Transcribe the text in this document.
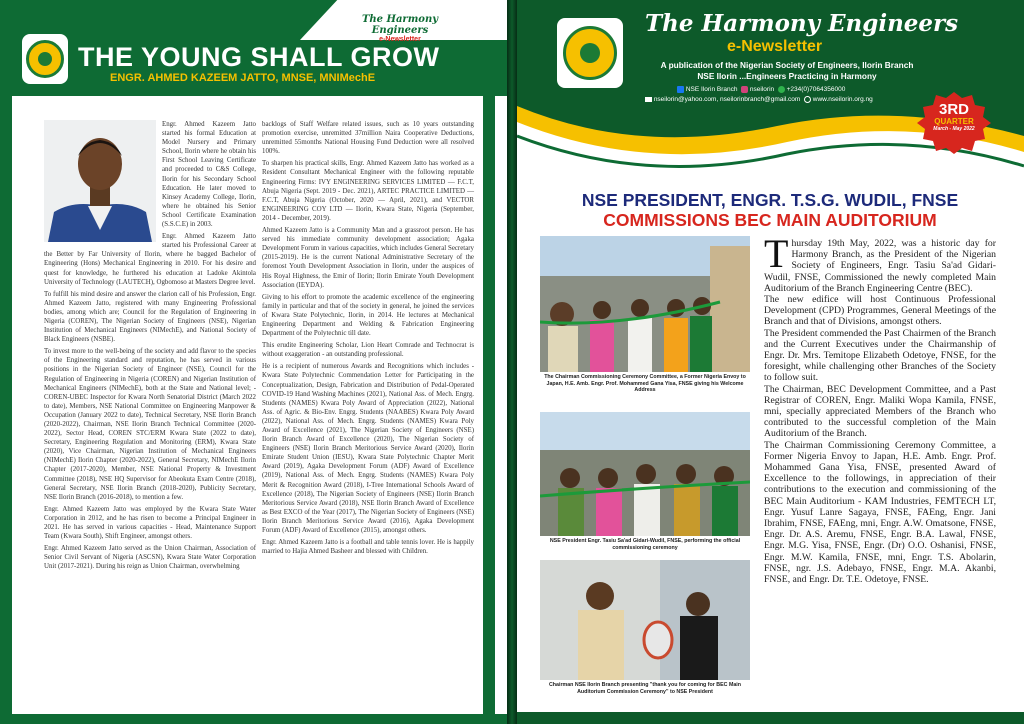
The Harmony Engineers
e-Newsletter
THE YOUNG SHALL GROW
ENGR. AHMED KAZEEM JATTO, MNSE, MNIMechE

Engr. Ahmed Kazeem Jatto started his formal Education at Model Nursery and Primary School, Ilorin where he obtain his First School Leaving Certificate and proceeded to C&S College, Ilorin for his Secondary School Education. He later moved to Kinsey Academy College, Ilorin, where he obtained his Senior School Certificate Examination (S.S.C.E) in 2003.

Engr. Ahmed Kazeem Jatto started his Professional Career at the Better by Far University of Ilorin, where he bagged Bachelor of Engineering (Hons) Mechanical Engineering in 2010. For his desire and quest for knowledge, he furthered his education at Ladoke Akintola University of Technology (LAUTECH), Ogbomoso at Masters Degree level.

To fulfill his mind desire and answer the clarion call of his Profession, Engr. Ahmed Kazeem Jatto, registered with many Engineering Professional bodies, among which are; Council for the Regulation of Engineering in Nigeria (COREN), The Nigerian Society of Engineers (NSE), Nigerian Institution of Mechanical Engineers (NIMechE), and National Society of Black Engineers (NSBE).

To invest more to the well-being of the society and add flavor to the species of the Engineering standard and reputation, he has served in various positions in the Nigerian Society of Engineer (NSE), Council for the Regulation of Engineering in Nigeria (COREN) and Nigerian Institution of Mechanical Engineers (NIMechE), both at the State and National level; - COREN-UBEC Inspector for Kwara North Senatorial District (March 2022 to date), Members, NSE National Committee on Engineering Manpower & Occupation (January 2022 to date), Technical Secretary, NSE Ilorin Branch (2020-2022), Chairman, NSE Ilorin Branch Technical Committee (2020-2022), Sector Head, COREN STC/ERM Kwara State (2022 to date), Secretary, Engineering Regulation and Monitoring (ERM), Kwara State (2020), Vice Chairman, Nigerian Institution of Mechanical Engineers (NIMechE) Ilorin Chapter (2020-2022), General Secretary, NIMechE Ilorin Chapter (2017-2020), Member, NSE National Property & Investment Committee (2018), NSE HQ Supervisor for Abeokuta Exam Centre (2018), General Secretary, NSE Ilorin Branch (2018-2020), Publicity Secretary, NSE Ilorin Branch (2016-2018), to mention a few.

Engr. Ahmed Kazeem Jatto was employed by the Kwara State Water Corporation in 2012, and he has risen to become a Principal Engineer in 2021. He has served in various capacities - Head, Maintenance Support Team (Kwara South), Shift Engineer, amongst others.

Engr. Ahmed Kazeem Jatto served as the Union Chairman, Association of Senior Civil Servant of Nigeria (ASCSN), Kwara State Water Corporation Unit (2017-2021). During his reign as Union Chairman, overwhelming

backlogs of Staff Welfare related issues, such as 10 years outstanding promotion exercise, unremitted 37million Naira Cooperative Deductions, unremitted 55months National Housing Fund Deduction were all resolved 100%.

To sharpen his practical skills, Engr. Ahmed Kazeem Jatto has worked as a Resident Consultant Mechanical Engineer with the following reputable Engineering Firms: IVY ENGINEERING SERVICES LIMITED — F.C.T, Abuja Nigeria (Sept. 2019 - Dec. 2021), ARTEC PRACTICE LIMITED — F.C.T, Abuja Nigeria (October, 2020 — April, 2021), and VECTOR ENGINEERING COY LTD — Ilorin, Kwara State, Nigeria (September, 2014 - December, 2019).

Ahmed Kazeem Jatto is a Community Man and a grassroot person. He has served his immediate community development association; Agaka Development Forum in various capacities, which includes General Secretary (2015-2019). He is the current National Administrative Secretary of the foremost Youth Development Association in Ilorin, under the auspices of His Royal Highness, the Emir of Ilorin; Ilorin Emirate Youth Development Association (IEYDA).

Giving to his effort to promote the academic excellence of the engineering family in particular and that of the society in general, he joined the services of Kwara State Polytechnic, Ilorin, in 2014. He lectures at Mechanical Engineering Department and Welding & Fabrication Engineering Department of the Polytechnic till date.

This erudite Engineering Scholar, Lion Heart Comrade and Technocrat is without exaggeration - an outstanding professional.

He is a recipient of numerous Awards and Recognitions which includes - Kwara State Polytechnic Commendation Letter for Participating in the Conceptualization, Design, Fabrication and Distribution of Pedal-Operated COVID-19 Hand Washing Machines (2021), National Ass. of Mech. Engrg. Students (NAMES) Kwara Poly Award of Appreciation (2022), National Ass. of Agric. & Bio-Env. Engrg. Students (NAABES) Kwara Poly Award (2022), National Ass. of Mech. Engrg. Students (NAMES) Kwara Poly Award of Excellence (2021), The Nigerian Society of Engineers (NSE) Ilorin Branch Award of Excellence (2020), The Nigerian Society of Engineers (NSE) Ilorin Branch Meritorious Service Award (2020), Ilorin Emirate Student Union (IESU), Kwara State Polytechnic Chapter Merit Award (2019), Agaka Development Forum (ADF) Award of Excellence (2019), National Ass. of Mech. Engrg. Students (NAMES) Kwara Poly Merit & Recognition Award (2018), I-Tree International Schools Award of Excellence (2018), The Nigerian Society of Engineers (NSE) Ilorin Branch Meritorious Service Award (2018), NSE Ilorin Branch Award of Excellence as Best EXCO of the Year (2017), The Nigerian Society of Engineers (NSE) Ilorin Branch Meritorious Service Award (2016), Agaka Development Forum (ADF) Award of Excellence (2015), amongst others.

Engr. Ahmed Kazeem Jatto is a football and table tennis lover. He is happily married to Hajia Ahmed Basheer and blessed with Children.

The Harmony Engineers
e-Newsletter
A publication of the Nigerian Society of Engineers, Ilorin Branch
NSE Ilorin ...Engineers Practicing in Harmony
NSE Ilorin Branch nseilorin +234(0)7064356000
nseilorin@yahoo.com, nseilorinbranch@gmail.com www.nseilorin.org.ng
3RD
QUARTER
March - May 2022
NSE PRESIDENT, ENGR. T.S.G. WUDIL, FNSE
COMMISSIONS BEC MAIN AUDITORIUM
The Chairman Commissioning Ceremony Committee, a Former Nigeria Envoy to Japan, H.E. Amb. Engr. Prof. Mohammed Gana Yisa, FNSE giving his Welcome Address
NSE President Engr. Tasiu Sa'ad Gidari-Wudil, FNSE, performing the official commissioning ceremony
Chairman NSE Ilorin Branch presenting "thank you for coming for BEC Main Auditorium Commission Ceremony" to NSE President
T hursday 19th May, 2022, was a historic day for Harmony Branch, as the President of the Nigerian Society of Engineers, Engr. Tasiu Sa'ad Gidari-Wudil, FNSE, Commissioned the newly completed Main Auditorium of the Branch Engineering Centre (BEC).

The new edifice will host Continuous Professional Development (CPD) Programmes, General Meetings of the Branch and that of Divisions, amongst others.

The President commended the Past Chairmen of the Branch and the Current Executives under the Chairmanship of Engr. Dr. Mrs. Temitope Elizabeth Odetoye, FNSE, for the foresight, while challenging other Branches of the Society to follow suit.

The Chairman, BEC Development Committee, and a Past Registrar of COREN, Engr. Maliki Wopa Kamila, FNSE, mni, specially appreciated Members of the Branch who contributed to the successful completion of the Main Auditorium of the Branch.

The Chairman Commissioning Ceremony Committee, a Former Nigeria Envoy to Japan, H.E. Amb. Engr. Prof. Mohammed Gana Yisa, FNSE, presented Award of Excellence to the followings, in appreciation of their contributions to the execution and commissioning of the BEC Main Auditorium - KAM Industries, FEMTECH LT, Engr. Yusuf Lanre Sagaya, FNSE, FAEng, Engr. Jani Ibrahim, FNSE, FAEng, mni, Engr. A.W. Omatsone, FNSE, Engr. Dr. A.S. Aremu, FNSE, Engr. B.A. Lawal, FNSE, Engr. M.G. Yisa, FNSE, Engr. (Dr) O.O. Oshanisi, FNSE, Engr. M.W. Kamila, FNSE, mni, Engr. T.S. Abolarin, FNSE, ngr. J.S. Adebayo, FNSE, Engr. M.A. Akanbi, FNSE, and Engr. Dr. T.E. Odetoye, FNSE.
